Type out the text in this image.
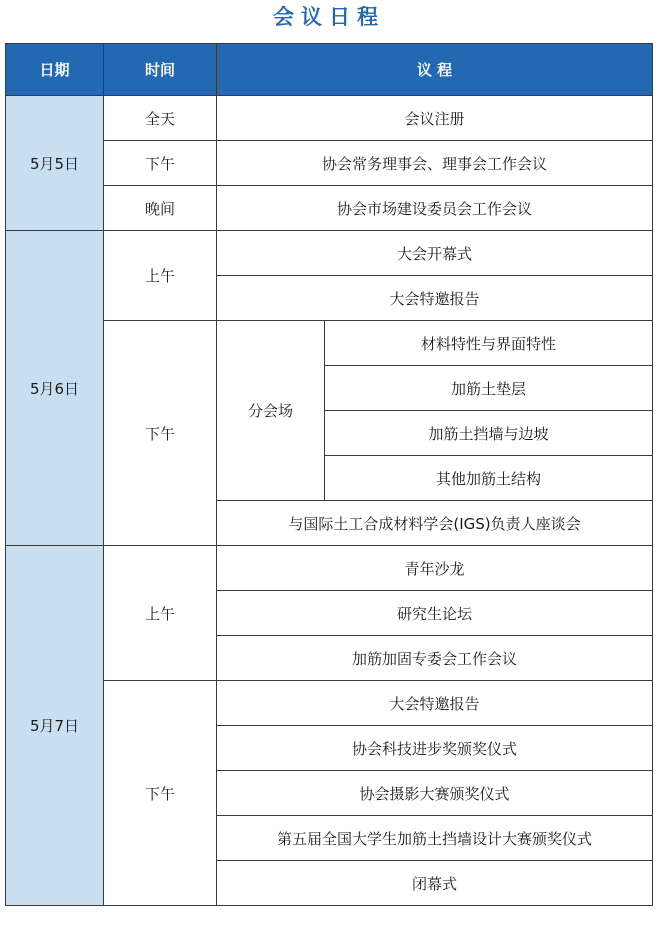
会议日程
日期	时间	议 程	
5月5日	全天	会议注册	
	下午	协会常务理事会、理事会工作会议	
	晚间	协会市场建设委员会工作会议	
5月6日	上午	大会开幕式	
		大会特邀报告	
	下午	分会场	材料特性与界面特性
			加筋土垫层
			加筋土挡墙与边坡
			其他加筋土结构
		与国际土工合成材料学会(IGS)负责人座谈会	
5月7日	上午	青年沙龙	
		研究生论坛	
		加筋加固专委会工作会议	
	下午	大会特邀报告	
		协会科技进步奖颁奖仪式	
		协会摄影大赛颁奖仪式	
		第五届全国大学生加筋土挡墙设计大赛颁奖仪式	
		闭幕式	
